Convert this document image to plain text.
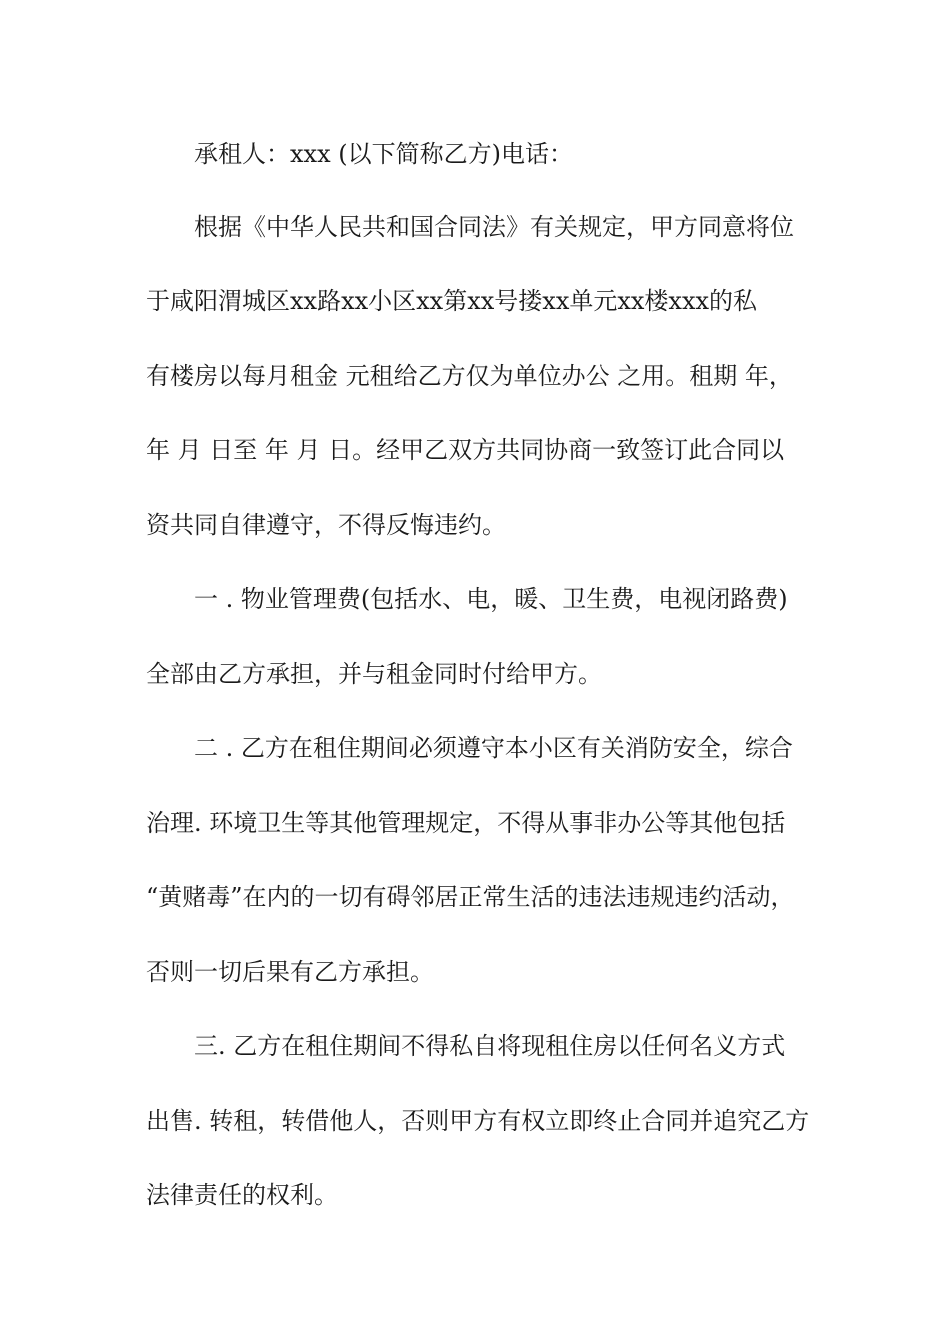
承租人：xxx (以下简称乙方)电话：
根据《中华人民共和国合同法》有关规定，甲方同意将位
于咸阳渭城区xx路xx小区xx第xx号搂xx单元xx楼xxx的私
有楼房以每月租金 元租给乙方仅为单位办公 之用。租期 年，
年 月 日至 年 月 日。经甲乙双方共同协商一致签订此合同以
资共同自律遵守，不得反悔违约。
一 . 物业管理费(包括水、电，暖、卫生费，电视闭路费)
全部由乙方承担，并与租金同时付给甲方。
二 . 乙方在租住期间必须遵守本小区有关消防安全，综合
治理. 环境卫生等其他管理规定，不得从事非办公等其他包括
“黄赌毒”在内的一切有碍邻居正常生活的违法违规违约活动，
否则一切后果有乙方承担。
三. 乙方在租住期间不得私自将现租住房以任何名义方式
出售. 转租，转借他人，否则甲方有权立即终止合同并追究乙方
法律责任的权利。
